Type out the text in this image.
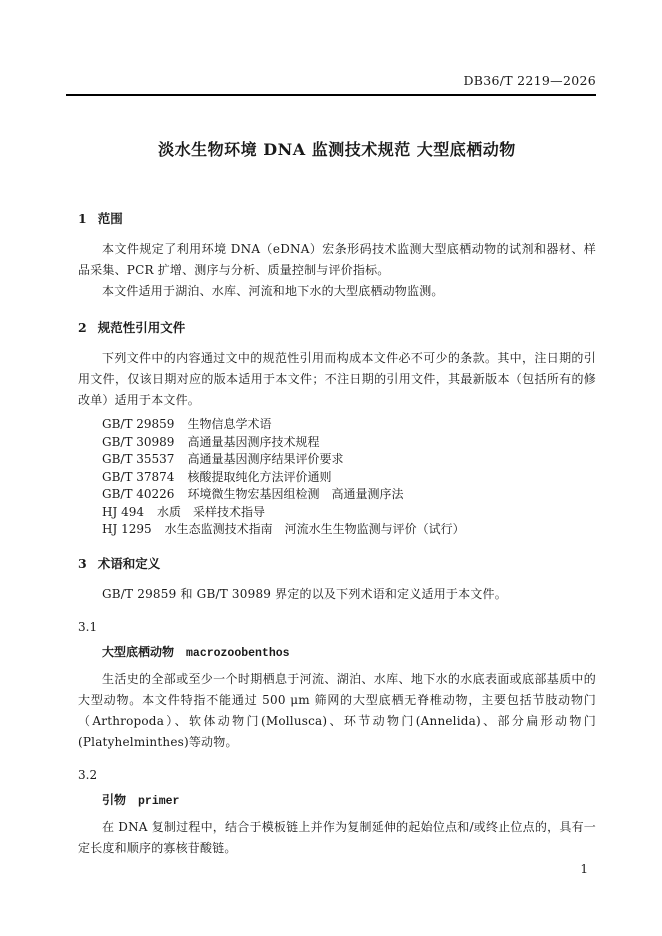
DB36/T 2219—2026
淡水生物环境 DNA 监测技术规范 大型底栖动物
1 范围

本文件规定了利用环境 DNA（eDNA）宏条形码技术监测大型底栖动物的试剂和器材、样品采集、PCR 扩增、测序与分析、质量控制与评价指标。

本文件适用于湖泊、水库、河流和地下水的大型底栖动物监测。

2 规范性引用文件

下列文件中的内容通过文中的规范性引用而构成本文件必不可少的条款。其中，注日期的引用文件，仅该日期对应的版本适用于本文件；不注日期的引用文件，其最新版本（包括所有的修改单）适用于本文件。

GB/T 29859 生物信息学术语
GB/T 30989 高通量基因测序技术规程
GB/T 35537 高通量基因测序结果评价要求
GB/T 37874 核酸提取纯化方法评价通则
GB/T 40226 环境微生物宏基因组检测　高通量测序法
HJ 494 水质　采样技术指导
HJ 1295 水生态监测技术指南　河流水生生物监测与评价（试行）
3 术语和定义

GB/T 29859 和 GB/T 30989 界定的以及下列术语和定义适用于本文件。

3.1
大型底栖动物 macrozoobenthos

生活史的全部或至少一个时期栖息于河流、湖泊、水库、地下水的水底表面或底部基质中的大型动物。本文件特指不能通过 500 μm 筛网的大型底栖无脊椎动物，主要包括节肢动物门（Arthropoda）、软体动物门(Mollusca)、环节动物门(Annelida)、部分扁形动物门(Platyhelminthes)等动物。

3.2
引物 primer

在 DNA 复制过程中，结合于模板链上并作为复制延伸的起始位点和/或终止位点的，具有一定长度和顺序的寡核苷酸链。

1
